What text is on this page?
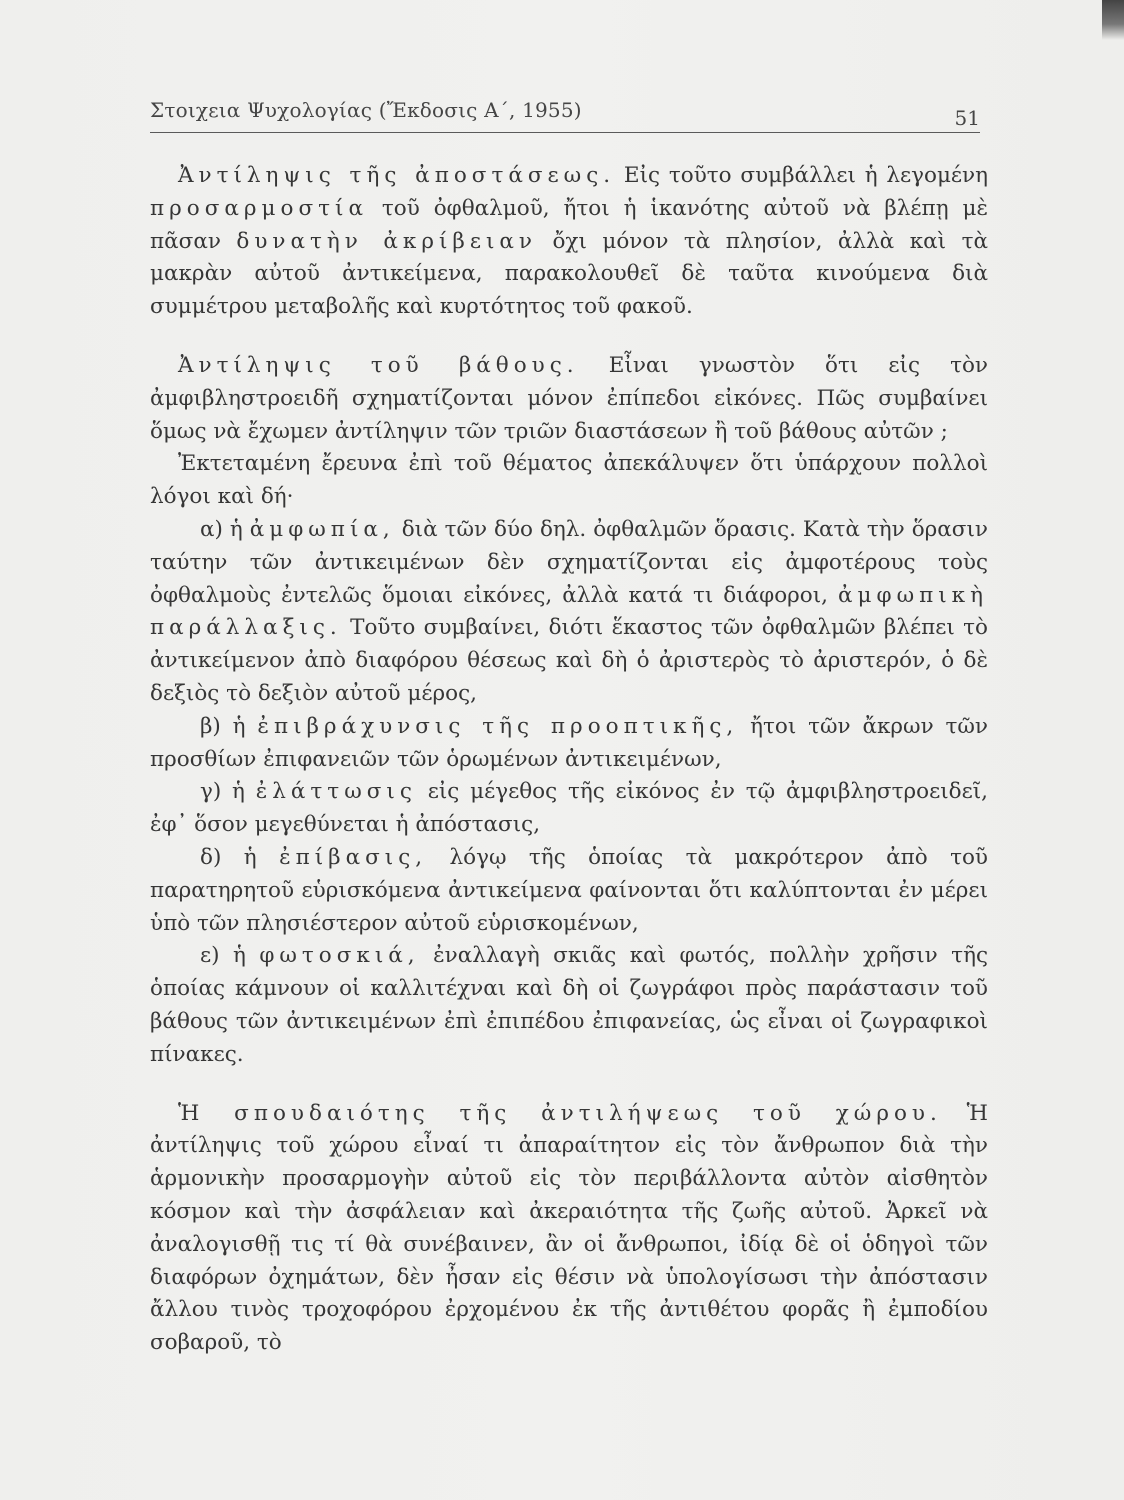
Στοιχεια Ψυχολογίας (Ἔκδοσις Α΄, 1955)	51

Ἀντίληψις τῆς ἀποστάσεως. Εἰς τοῦτο συμβάλλει ἡ λεγομένη προσαρμοστία τοῦ ὀφθαλμοῦ, ἤτοι ἡ ἱκανότης αὐτοῦ νὰ βλέπῃ μὲ πᾶσαν δυνατὴν ἀκρίβειαν ὄχι μόνον τὰ πλησίον, ἀλλὰ καὶ τὰ μακρὰν αὐτοῦ ἀντικείμενα, παρακολουθεῖ δὲ ταῦτα κινούμενα διὰ συμμέτρου μεταβολῆς καὶ κυρτότητος τοῦ φακοῦ.

Ἀντίληψις τοῦ βάθους. Εἶναι γνωστὸν ὅτι εἰς τὸν ἀμφιβληστροειδῆ σχηματίζονται μόνον ἐπίπεδοι εἰκόνες. Πῶς συμβαίνει ὅμως νὰ ἔχωμεν ἀντίληψιν τῶν τριῶν διαστάσεων ἢ τοῦ βάθους αὐτῶν ;

Ἐκτεταμένη ἔρευνα ἐπὶ τοῦ θέματος ἀπεκάλυψεν ὅτι ὑπάρχουν πολλοὶ λόγοι καὶ δή·

α) ἡ ἀμφωπία, διὰ τῶν δύο δηλ. ὀφθαλμῶν ὅρασις. Κατὰ τὴν ὅρασιν ταύτην τῶν ἀντικειμένων δὲν σχηματίζονται εἰς ἀμφοτέρους τοὺς ὀφθαλμοὺς ἐντελῶς ὅμοιαι εἰκόνες, ἀλλὰ κατά τι διάφοροι, ἀμφωπικὴ παράλλαξις. Τοῦτο συμβαίνει, διότι ἕκαστος τῶν ὀφθαλμῶν βλέπει τὸ ἀντικείμενον ἀπὸ διαφόρου θέσεως καὶ δὴ ὁ ἀριστερὸς τὸ ἀριστερόν, ὁ δὲ δεξιὸς τὸ δεξιὸν αὐτοῦ μέρος,

β) ἡ ἐπιβράχυνσις τῆς προοπτικῆς, ἤτοι τῶν ἄκρων τῶν προσθίων ἐπιφανειῶν τῶν ὁρωμένων ἀντικειμένων,

γ) ἡ ἐλάττωσις εἰς μέγεθος τῆς εἰκόνος ἐν τῷ ἀμφιβληστροειδεῖ, ἐφ᾽ ὅσον μεγεθύνεται ἡ ἀπόστασις,

δ) ἡ ἐπίβασις, λόγῳ τῆς ὁποίας τὰ μακρότερον ἀπὸ τοῦ παρατηρητοῦ εὑρισκόμενα ἀντικείμενα φαίνονται ὅτι καλύπτονται ἐν μέρει ὑπὸ τῶν πλησιέστερον αὐτοῦ εὑρισκομένων,

ε) ἡ φωτοσκιά, ἐναλλαγὴ σκιᾶς καὶ φωτός, πολλὴν χρῆσιν τῆς ὁποίας κάμνουν οἱ καλλιτέχναι καὶ δὴ οἱ ζωγράφοι πρὸς παράστασιν τοῦ βάθους τῶν ἀντικειμένων ἐπὶ ἐπιπέδου ἐπιφανείας, ὡς εἶναι οἱ ζωγραφικοὶ πίνακες.

Ἡ σπουδαιότης τῆς ἀντιλήψεως τοῦ χώρου. Ἡ ἀντίληψις τοῦ χώρου εἶναί τι ἀπαραίτητον εἰς τὸν ἄνθρωπον διὰ τὴν ἁρμονικὴν προσαρμογὴν αὐτοῦ εἰς τὸν περιβάλλοντα αὐτὸν αἰσθητὸν κόσμον καὶ τὴν ἀσφάλειαν καὶ ἀκεραιότητα τῆς ζωῆς αὐτοῦ. Ἀρκεῖ νὰ ἀναλογισθῇ τις τί θὰ συνέβαινεν, ἂν οἱ ἄνθρωποι, ἰδίᾳ δὲ οἱ ὁδηγοὶ τῶν διαφόρων ὀχημάτων, δὲν ἦσαν εἰς θέσιν νὰ ὑπολογίσωσι τὴν ἀπόστασιν ἄλλου τινὸς τροχοφόρου ἐρχομένου ἐκ τῆς ἀντιθέτου φορᾶς ἢ ἐμποδίου σοβαροῦ, τὸ
